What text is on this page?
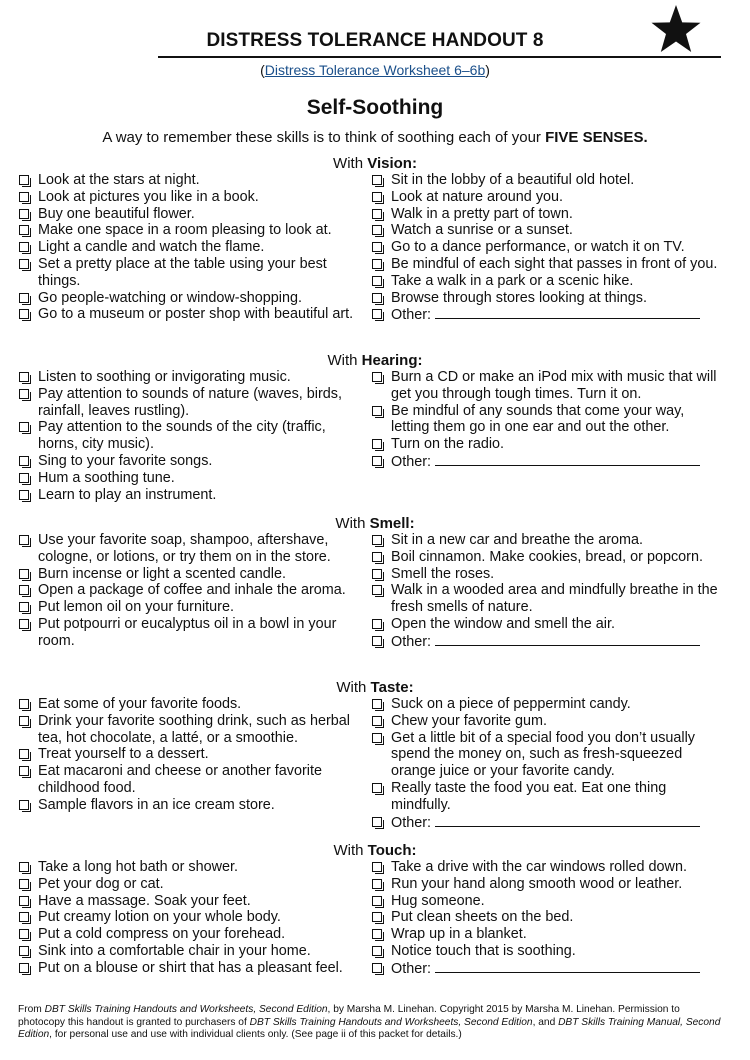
DISTRESS TOLERANCE HANDOUT 8
(Distress Tolerance Worksheet 6–6b)
Self-Soothing
A way to remember these skills is to think of soothing each of your FIVE SENSES.
With Vision:
Look at the stars at night.
Look at pictures you like in a book.
Buy one beautiful flower.
Make one space in a room pleasing to look at.
Light a candle and watch the flame.
Set a pretty place at the table using your best things.
Go people-watching or window-shopping.
Go to a museum or poster shop with beautiful art.
Sit in the lobby of a beautiful old hotel.
Look at nature around you.
Walk in a pretty part of town.
Watch a sunrise or a sunset.
Go to a dance performance, or watch it on TV.
Be mindful of each sight that passes in front of you.
Take a walk in a park or a scenic hike.
Browse through stores looking at things.
Other:
With Hearing:
Listen to soothing or invigorating music.
Pay attention to sounds of nature (waves, birds, rainfall, leaves rustling).
Pay attention to the sounds of the city (traffic, horns, city music).
Sing to your favorite songs.
Hum a soothing tune.
Learn to play an instrument.
Burn a CD or make an iPod mix with music that will get you through tough times. Turn it on.
Be mindful of any sounds that come your way, letting them go in one ear and out the other.
Turn on the radio.
Other:
With Smell:
Use your favorite soap, shampoo, aftershave, cologne, or lotions, or try them on in the store.
Burn incense or light a scented candle.
Open a package of coffee and inhale the aroma.
Put lemon oil on your furniture.
Put potpourri or eucalyptus oil in a bowl in your room.
Sit in a new car and breathe the aroma.
Boil cinnamon. Make cookies, bread, or popcorn.
Smell the roses.
Walk in a wooded area and mindfully breathe in the fresh smells of nature.
Open the window and smell the air.
Other:
With Taste:
Eat some of your favorite foods.
Drink your favorite soothing drink, such as herbal tea, hot chocolate, a latté, or a smoothie.
Treat yourself to a dessert.
Eat macaroni and cheese or another favorite childhood food.
Sample flavors in an ice cream store.
Suck on a piece of peppermint candy.
Chew your favorite gum.
Get a little bit of a special food you don’t usually spend the money on, such as fresh-squeezed orange juice or your favorite candy.
Really taste the food you eat. Eat one thing mindfully.
Other:
With Touch:
Take a long hot bath or shower.
Pet your dog or cat.
Have a massage. Soak your feet.
Put creamy lotion on your whole body.
Put a cold compress on your forehead.
Sink into a comfortable chair in your home.
Put on a blouse or shirt that has a pleasant feel.
Take a drive with the car windows rolled down.
Run your hand along smooth wood or leather.
Hug someone.
Put clean sheets on the bed.
Wrap up in a blanket.
Notice touch that is soothing.
Other:
From DBT Skills Training Handouts and Worksheets, Second Edition, by Marsha M. Linehan. Copyright 2015 by Marsha M. Linehan. Permission to photocopy this handout is granted to purchasers of DBT Skills Training Handouts and Worksheets, Second Edition, and DBT Skills Training Manual, Second Edition, for personal use and use with individual clients only. (See page ii of this packet for details.)
